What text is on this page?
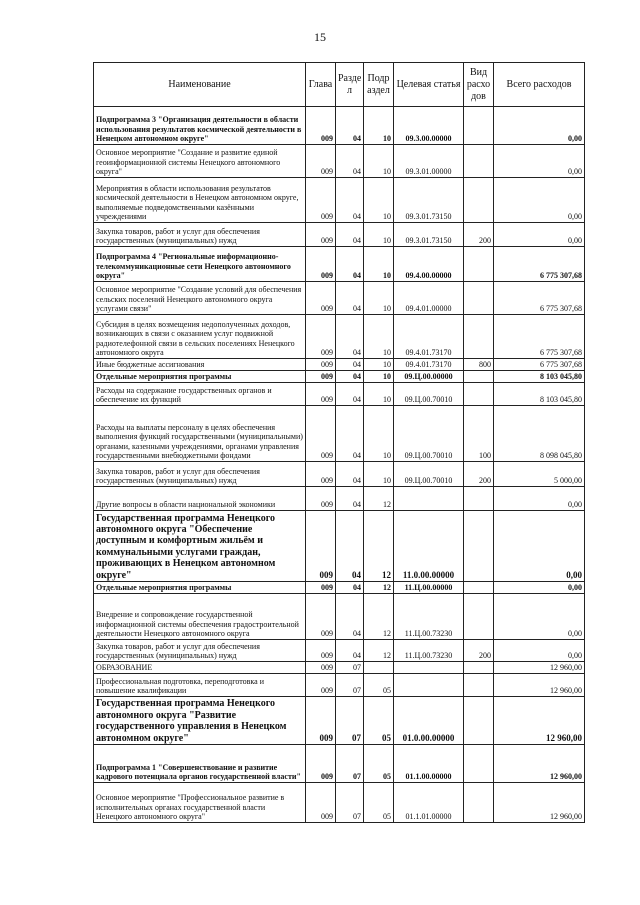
15
Наименование	Глава	Разде л	Подр аздел	Целевая статья	Вид расхо дов	Всего расходов
Подпрограмма 3 "Организация деятельности в области использования результатов космической деятельности в Ненецком автономном округе"	009	04	10	09.3.00.00000		0,00
Основное мероприятие "Создание и развитие единой геоинформационной системы Ненецкого автономного округа"	009	04	10	09.3.01.00000		0,00
Мероприятия в области использования результатов космической деятельности в Ненецком автономном округе, выполняемые подведомственными казёнными учреждениями	009	04	10	09.3.01.73150		0,00
Закупка товаров, работ и услуг для обеспечения государственных (муниципальных) нужд	009	04	10	09.3.01.73150	200	0,00
Подпрограмма 4 "Региональные информационно-телекоммуникационные сети Ненецкого автономного округа"	009	04	10	09.4.00.00000		6 775 307,68
Основное мероприятие "Создание условий для обеспечения сельских поселений Ненецкого автономного округа услугами связи"	009	04	10	09.4.01.00000		6 775 307,68
Субсидия в целях возмещения недополученных доходов, возникающих в связи с оказанием услуг подвижной радиотелефонной связи в сельских поселениях Ненецкого автономного округа	009	04	10	09.4.01.73170		6 775 307,68
Иные бюджетные ассигнования	009	04	10	09.4.01.73170	800	6 775 307,68
Отдельные мероприятия программы	009	04	10	09.Ц.00.00000		8 103 045,80
Расходы на содержание государственных органов и обеспечение их функций	009	04	10	09.Ц.00.70010		8 103 045,80
Расходы на выплаты персоналу в целях обеспечения выполнения функций государственными (муниципальными) органами, казенными учреждениями, органами управления государственными внебюджетными фондами	009	04	10	09.Ц.00.70010	100	8 098 045,80
Закупка товаров, работ и услуг для обеспечения государственных (муниципальных) нужд	009	04	10	09.Ц.00.70010	200	5 000,00
Другие вопросы в области национальной экономики	009	04	12			0,00
Государственная программа Ненецкого автономного округа "Обеспечение доступным и комфортным жильём и коммунальными услугами граждан, проживающих в Ненецком автономном округе"	009	04	12	11.0.00.00000		0,00
Отдельные мероприятия программы	009	04	12	11.Ц.00.00000		0,00
Внедрение и сопровождение государственной информационной системы обеспечения градостроительной деятельности Ненецкого автономного округа	009	04	12	11.Ц.00.73230		0,00
Закупка товаров, работ и услуг для обеспечения государственных (муниципальных) нужд	009	04	12	11.Ц.00.73230	200	0,00
ОБРАЗОВАНИЕ	009	07				12 960,00
Профессиональная подготовка, переподготовка и повышение квалификации	009	07	05			12 960,00
Государственная программа Ненецкого автономного округа "Развитие государственного управления в Ненецком автономном округе"	009	07	05	01.0.00.00000		12 960,00
Подпрограмма 1 "Совершенствование и развитие кадрового потенциала органов государственной власти"	009	07	05	01.1.00.00000		12 960,00
Основное мероприятие "Профессиональное развитие в исполнительных органах государственной власти Ненецкого автономного округа"	009	07	05	01.1.01.00000		12 960,00
